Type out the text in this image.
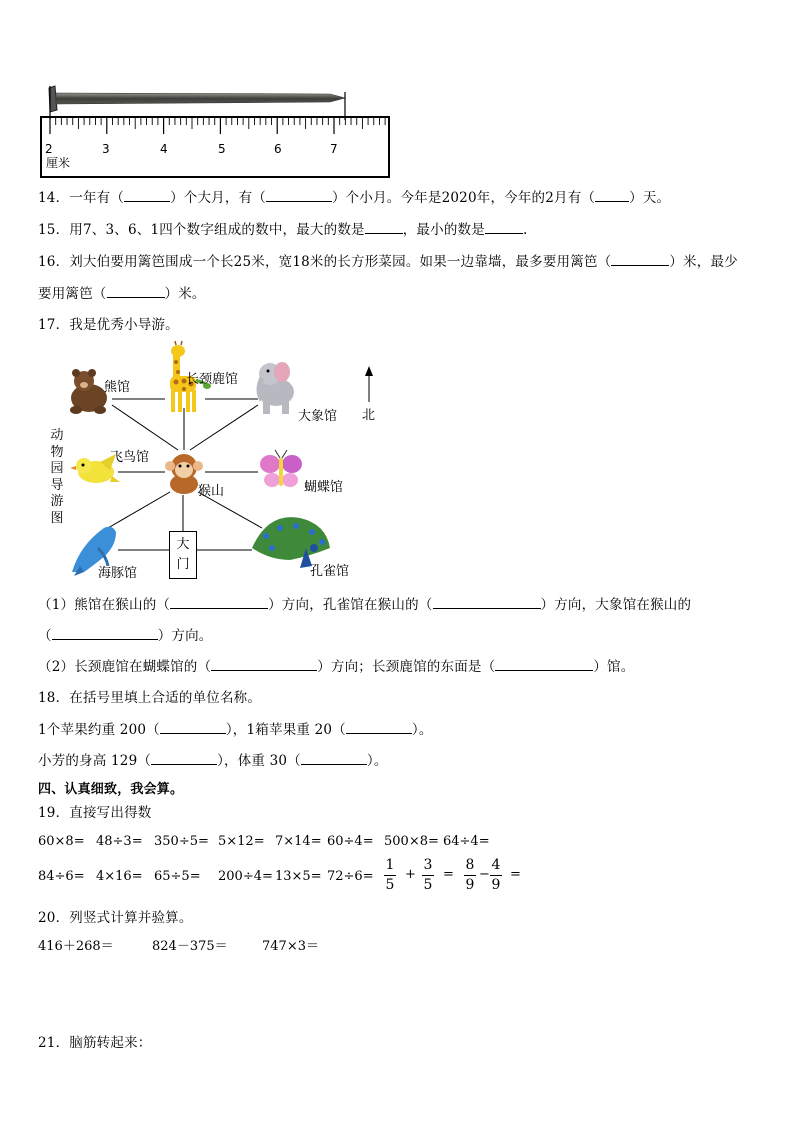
2	3	4	5	6	7
厘米
14．一年有（	）个大月，有（	）个小月。今年是2020年，今年的2月有（	）天。
15．用7、3、6、1四个数字组成的数中，最大的数是	，最小的数是	.
16．刘大伯要用篱笆围成一个长25米，宽18米的长方形菜园。如果一边靠墙，最多要用篱笆（	）米，最少
要用篱笆（	）米。
17．我是优秀小导游。
动
物
园
导
游
图
熊馆
长颈鹿馆
大象馆 北
飞鸟馆
猴山	蝴蝶馆
海豚馆	孔雀馆
大
门
（1）熊馆在猴山的（	）方向，孔雀馆在猴山的（	）方向，大象馆在猴山的
（	）方向。
（2）长颈鹿馆在蝴蝶馆的（	）方向；长颈鹿馆的东面是（	）馆。
18．在括号里填上合适的单位名称。
1个苹果约重 200（	），1箱苹果重 20（	）。
小芳的身高 129（	），体重 30（	）。
四、认真细致，我会算。
19．直接写出得数
60×8= 48÷3= 350÷5= 5×12= 7×14= 60÷4= 500×8= 64÷4=
84÷6= 4×16= 65÷5= 200÷4= 13×5= 72÷6=
1
5
+
3
5
=
8
9
−
4
9
=
20．列竖式计算并验算。
416＋268＝	824－375＝	747×3＝
21．脑筋转起来：
